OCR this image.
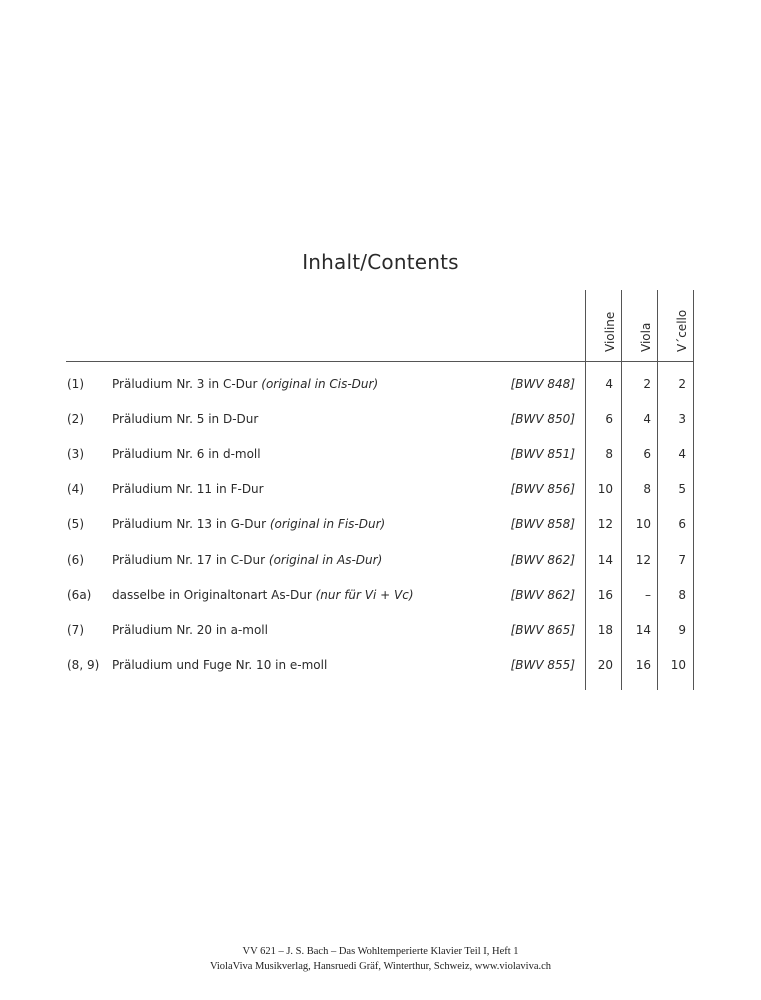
Inhalt/Contents
Violine Viola V´cello
(1) Präludium Nr. 3 in C-Dur (original in Cis-Dur)	[BWV 848]	4	2	2
(2) Präludium Nr. 5 in D-Dur	[BWV 850]	6	4	3
(3) Präludium Nr. 6 in d-moll	[BWV 851]	8	6	4
(4) Präludium Nr. 11 in F-Dur	[BWV 856]	10	8	5
(5) Präludium Nr. 13 in G-Dur (original in Fis-Dur)	[BWV 858]	12	10	6
(6) Präludium Nr. 17 in C-Dur (original in As-Dur)	[BWV 862]	14	12	7
(6a) dasselbe in Originaltonart As-Dur (nur für Vi + Vc)	[BWV 862]	16	–	8
(7) Präludium Nr. 20 in a-moll	[BWV 865]	18	14	9
(8, 9) Präludium und Fuge Nr. 10 in e-moll	[BWV 855]	20	16	10
VV 621 – J. S. Bach – Das Wohltemperierte Klavier Teil I, Heft 1
ViolaViva Musikverlag, Hansruedi Gräf, Winterthur, Schweiz, www.violaviva.ch
